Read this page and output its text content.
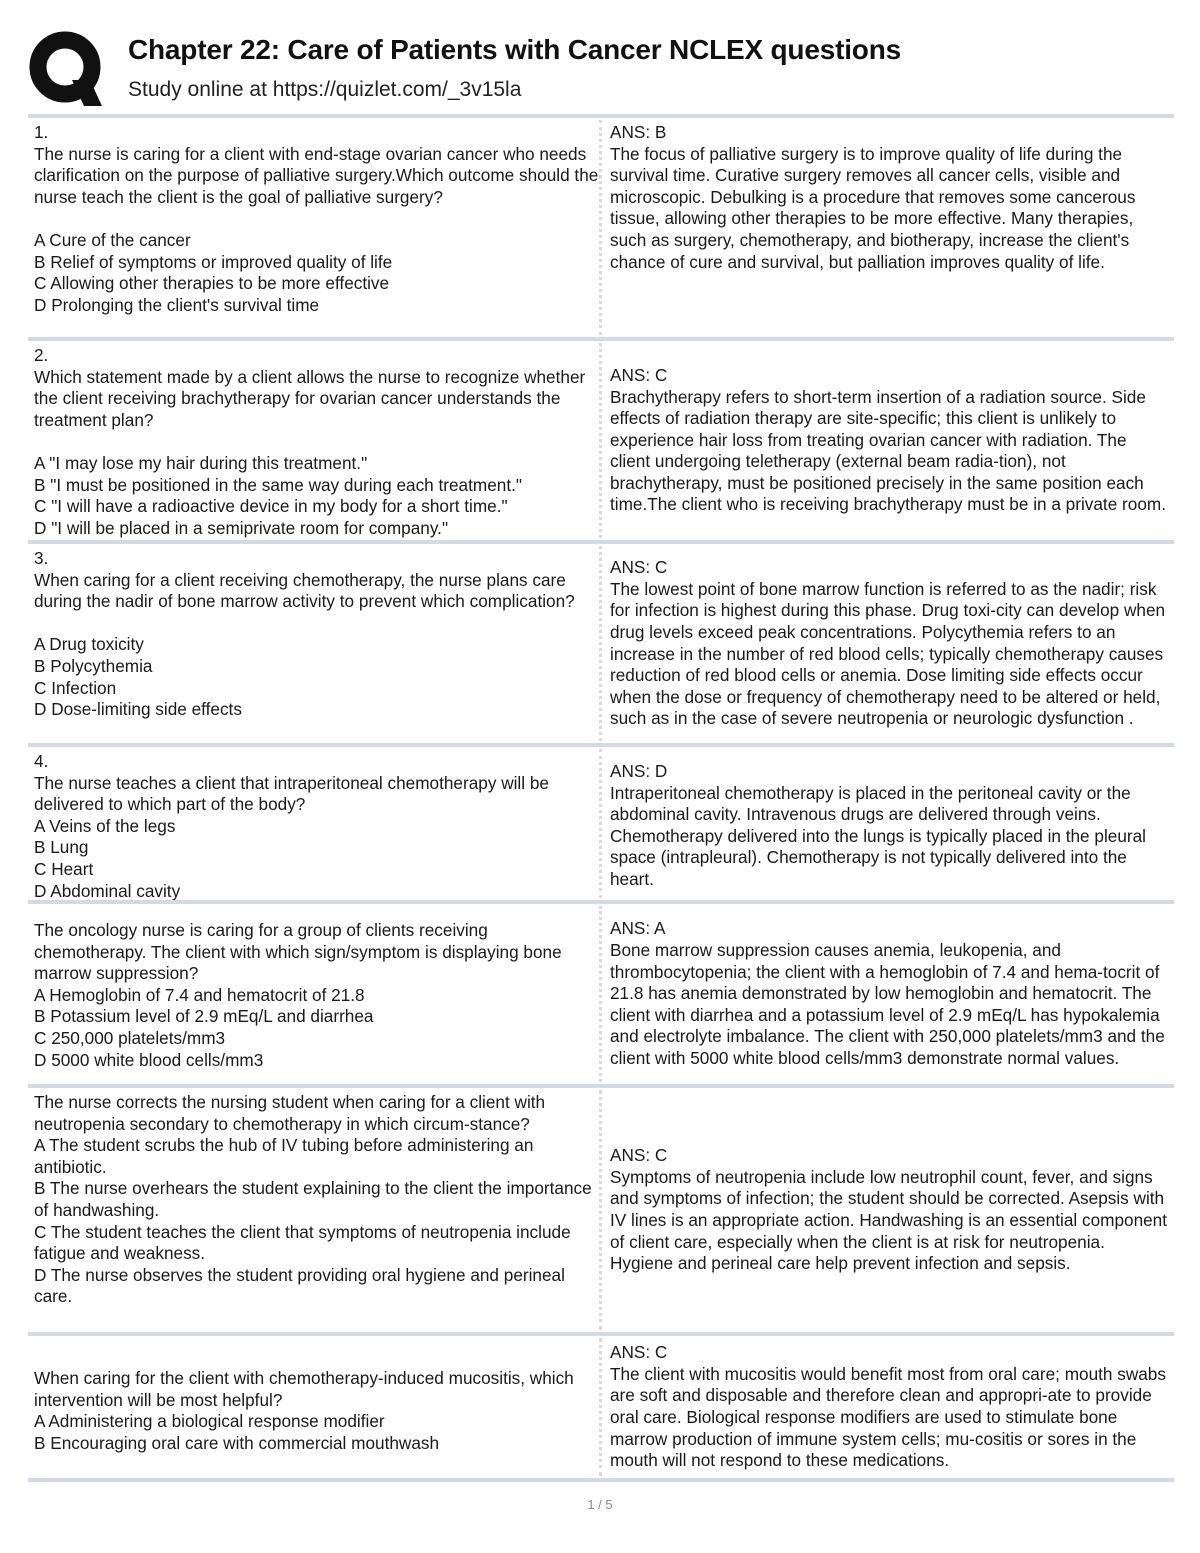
Chapter 22: Care of Patients with Cancer NCLEX questions
Study online at https://quizlet.com/_3v15la
1.
The nurse is caring for a client with end-stage ovarian cancer who needs clarification on the purpose of palliative surgery.Which outcome should the nurse teach the client is the goal of palliative surgery?

A Cure of the cancer
B Relief of symptoms or improved quality of life
C Allowing other therapies to be more effective
D Prolonging the client's survival time
ANS: B
The focus of palliative surgery is to improve quality of life during the survival time. Curative surgery removes all cancer cells, visible and microscopic. Debulking is a procedure that removes some cancerous tissue, allowing other therapies to be more effective. Many therapies, such as surgery, chemotherapy, and biotherapy, increase the client's chance of cure and survival, but palliation improves quality of life.
2.
Which statement made by a client allows the nurse to recognize whether the client receiving brachytherapy for ovarian cancer understands the treatment plan?

A "I may lose my hair during this treatment."
B "I must be positioned in the same way during each treatment."
C "I will have a radioactive device in my body for a short time."
D "I will be placed in a semiprivate room for company."
ANS: C
Brachytherapy refers to short-term insertion of a radiation source. Side effects of radiation therapy are site-specific; this client is unlikely to experience hair loss from treating ovarian cancer with radiation. The client undergoing teletherapy (external beam radia-tion), not brachytherapy, must be positioned precisely in the same position each time.The client who is receiving brachytherapy must be in a private room.
3.
When caring for a client receiving chemotherapy, the nurse plans care during the nadir of bone marrow activity to prevent which complication?

A Drug toxicity
B Polycythemia
C Infection
D Dose-limiting side effects
ANS: C
The lowest point of bone marrow function is referred to as the nadir; risk for infection is highest during this phase. Drug toxi-city can develop when drug levels exceed peak concentrations. Polycythemia refers to an increase in the number of red blood cells; typically chemotherapy causes reduction of red blood cells or anemia. Dose limiting side effects occur when the dose or frequency of chemotherapy need to be altered or held, such as in the case of severe neutropenia or neurologic dysfunction .
4.
The nurse teaches a client that intraperitoneal chemotherapy will be delivered to which part of the body?
A Veins of the legs
B Lung
C Heart
D Abdominal cavity
ANS: D
Intraperitoneal chemotherapy is placed in the peritoneal cavity or the abdominal cavity. Intravenous drugs are delivered through veins. Chemotherapy delivered into the lungs is typically placed in the pleural space (intrapleural). Chemotherapy is not typically delivered into the heart.
The oncology nurse is caring for a group of clients receiving chemotherapy. The client with which sign/symptom is displaying bone marrow suppression?
A Hemoglobin of 7.4 and hematocrit of 21.8
B Potassium level of 2.9 mEq/L and diarrhea
C 250,000 platelets/mm3
D 5000 white blood cells/mm3
ANS: A
Bone marrow suppression causes anemia, leukopenia, and thrombocytopenia; the client with a hemoglobin of 7.4 and hema-tocrit of 21.8 has anemia demonstrated by low hemoglobin and hematocrit. The client with diarrhea and a potassium level of 2.9 mEq/L has hypokalemia and electrolyte imbalance. The client with 250,000 platelets/mm3 and the client with 5000 white blood cells/mm3 demonstrate normal values.
The nurse corrects the nursing student when caring for a client with neutropenia secondary to chemotherapy in which circum-stance?
A The student scrubs the hub of IV tubing before administering an antibiotic.
B The nurse overhears the student explaining to the client the importance of handwashing.
C The student teaches the client that symptoms of neutropenia include fatigue and weakness.
D The nurse observes the student providing oral hygiene and perineal care.
ANS: C
Symptoms of neutropenia include low neutrophil count, fever, and signs and symptoms of infection; the student should be corrected. Asepsis with IV lines is an appropriate action. Handwashing is an essential component of client care, especially when the client is at risk for neutropenia. Hygiene and perineal care help prevent infection and sepsis.
When caring for the client with chemotherapy-induced mucositis, which intervention will be most helpful?
A Administering a biological response modifier
B Encouraging oral care with commercial mouthwash
ANS: C
The client with mucositis would benefit most from oral care; mouth swabs are soft and disposable and therefore clean and appropri-ate to provide oral care. Biological response modifiers are used to stimulate bone marrow production of immune system cells; mu-cositis or sores in the mouth will not respond to these medications.
1 / 5
